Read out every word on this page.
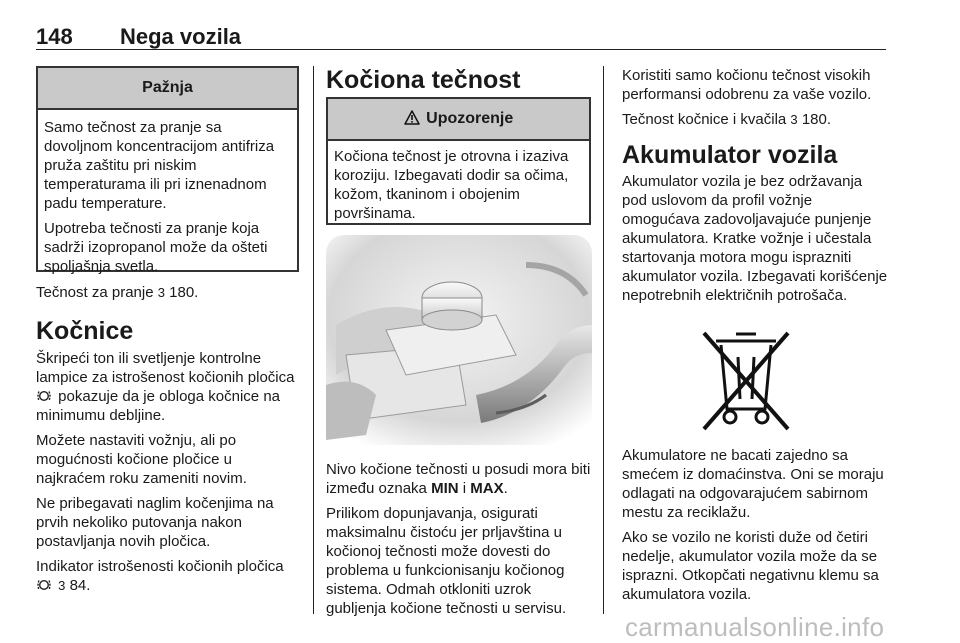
148 Nega vozila
Pažnja

Samo tečnost za pranje sa dovoljnom koncentracijom antifriza pruža zaštitu pri niskim temperaturama ili pri iznenadnom padu temperature.

Upotreba tečnosti za pranje koja sadrži izopropanol može da ošteti spoljašnja svetla.

Tečnost za pranje 3 180.

Kočnice

Škripeći ton ili svetljenje kontrolne lampice za istrošenost kočionih pločica  pokazuje da je obloga kočnice na minimumu debljine.

Možete nastaviti vožnju, ali po mogućnosti kočione pločice u najkraćem roku zameniti novim.

Ne pribegavati naglim kočenjima na prvih nekoliko putovanja nakon postavljanja novih pločica.

Indikator istrošenosti kočionih pločica  3 84.

Kočiona tečnost
Upozorenje

Kočiona tečnost je otrovna i izaziva koroziju. Izbegavati dodir sa očima, kožom, tkaninom i obojenim površinama.

Nivo kočione tečnosti u posudi mora biti između oznaka MIN i MAX.

Prilikom dopunjavanja, osigurati maksimalnu čistoću jer prljavština u kočionoj tečnosti može dovesti do problema u funkcionisanju kočionog sistema. Odmah otkloniti uzrok gubljenja kočione tečnosti u servisu.

Koristiti samo kočionu tečnost visokih performansi odobrenu za vaše vozilo.

Tečnost kočnice i kvačila 3 180.

Akumulator vozila

Akumulator vozila je bez održavanja pod uslovom da profil vožnje omogućava zadovoljavajuće punjenje akumulatora. Kratke vožnje i učestala startovanja motora mogu isprazniti akumulator vozila. Izbegavati korišćenje nepotrebnih električnih potrošača.

Akumulatore ne bacati zajedno sa smećem iz domaćinstva. Oni se moraju odlagati na odgovarajućem sabirnom mestu za reciklažu.

Ako se vozilo ne koristi duže od četiri nedelje, akumulator vozila može da se isprazni. Otkopčati negativnu klemu sa akumulatora vozila.

carmanualsonline.info
